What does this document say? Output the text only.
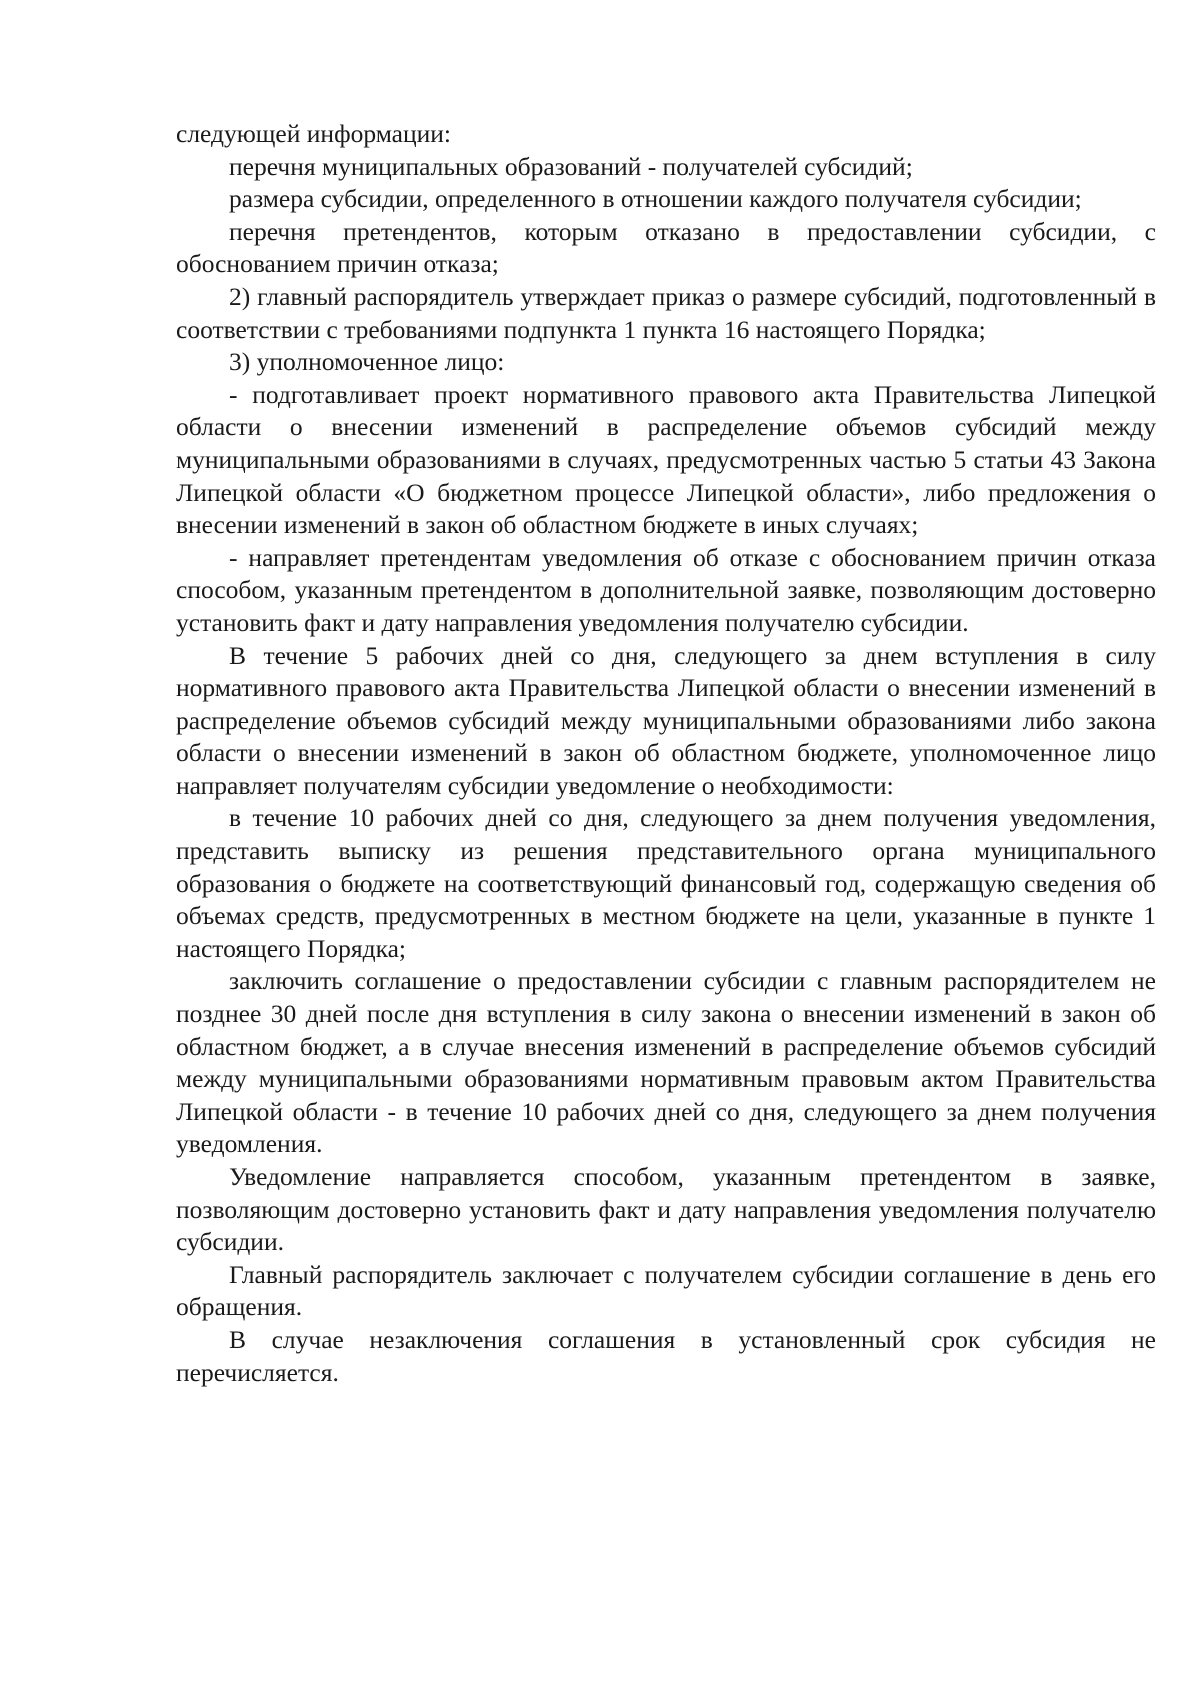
следующей информации:

перечня муниципальных образований - получателей субсидий;

размера субсидии, определенного в отношении каждого получателя субсидии;

перечня претендентов, которым отказано в предоставлении субсидии, с обоснованием причин отказа;

2) главный распорядитель утверждает приказ о размере субсидий, подготовленный в соответствии с требованиями подпункта 1 пункта 16 настоящего Порядка;

3) уполномоченное лицо:

- подготавливает проект нормативного правового акта Правительства Липецкой области о внесении изменений в распределение объемов субсидий между муниципальными образованиями в случаях, предусмотренных частью 5 статьи 43 Закона Липецкой области «О бюджетном процессе Липецкой области», либо предложения о внесении изменений в закон об областном бюджете в иных случаях;

- направляет претендентам уведомления об отказе с обоснованием причин отказа способом, указанным претендентом в дополнительной заявке, позволяющим достоверно установить факт и дату направления уведомления получателю субсидии.

В течение 5 рабочих дней со дня, следующего за днем вступления в силу нормативного правового акта Правительства Липецкой области о внесении изменений в распределение объемов субсидий между муниципальными образованиями либо закона области о внесении изменений в закон об областном бюджете, уполномоченное лицо направляет получателям субсидии уведомление о необходимости:

в течение 10 рабочих дней со дня, следующего за днем получения уведомления, представить выписку из решения представительного органа муниципального образования о бюджете на соответствующий финансовый год, содержащую сведения об объемах средств, предусмотренных в местном бюджете на цели, указанные в пункте 1 настоящего Порядка;

заключить соглашение о предоставлении субсидии с главным распорядителем не позднее 30 дней после дня вступления в силу закона о внесении изменений в закон об областном бюджет, а в случае внесения изменений в распределение объемов субсидий между муниципальными образованиями нормативным правовым актом Правительства Липецкой области - в течение 10 рабочих дней со дня, следующего за днем получения уведомления.

Уведомление направляется способом, указанным претендентом в заявке, позволяющим достоверно установить факт и дату направления уведомления получателю субсидии.

Главный распорядитель заключает с получателем субсидии соглашение в день его обращения.

В случае незаключения соглашения в установленный срок субсидия не перечисляется.
